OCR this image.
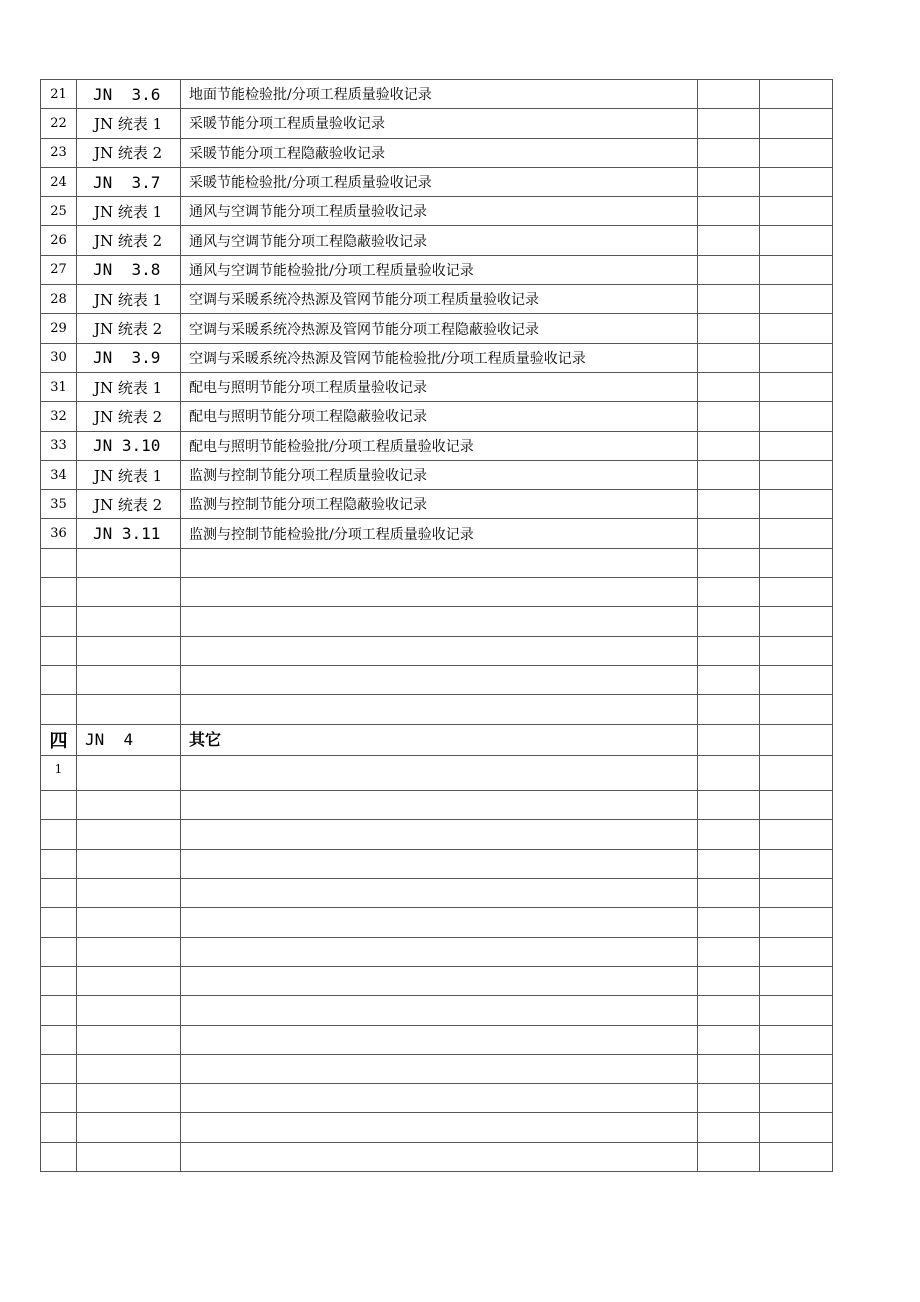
21	JN  3.6	地面节能检验批/分项工程质量验收记录		
22	JN 统表 1	采暖节能分项工程质量验收记录		
23	JN 统表 2	采暖节能分项工程隐蔽验收记录		
24	JN  3.7	采暖节能检验批/分项工程质量验收记录		
25	JN 统表 1	通风与空调节能分项工程质量验收记录		
26	JN 统表 2	通风与空调节能分项工程隐蔽验收记录		
27	JN  3.8	通风与空调节能检验批/分项工程质量验收记录		
28	JN 统表 1	空调与采暖系统冷热源及管网节能分项工程质量验收记录		
29	JN 统表 2	空调与采暖系统冷热源及管网节能分项工程隐蔽验收记录		
30	JN  3.9	空调与采暖系统冷热源及管网节能检验批/分项工程质量验收记录		
31	JN 统表 1	配电与照明节能分项工程质量验收记录		
32	JN 统表 2	配电与照明节能分项工程隐蔽验收记录		
33	JN 3.10	配电与照明节能检验批/分项工程质量验收记录		
34	JN 统表 1	监测与控制节能分项工程质量验收记录		
35	JN 统表 2	监测与控制节能分项工程隐蔽验收记录		
36	JN 3.11	监测与控制节能检验批/分项工程质量验收记录		

四	JN  4	其它		
1				
